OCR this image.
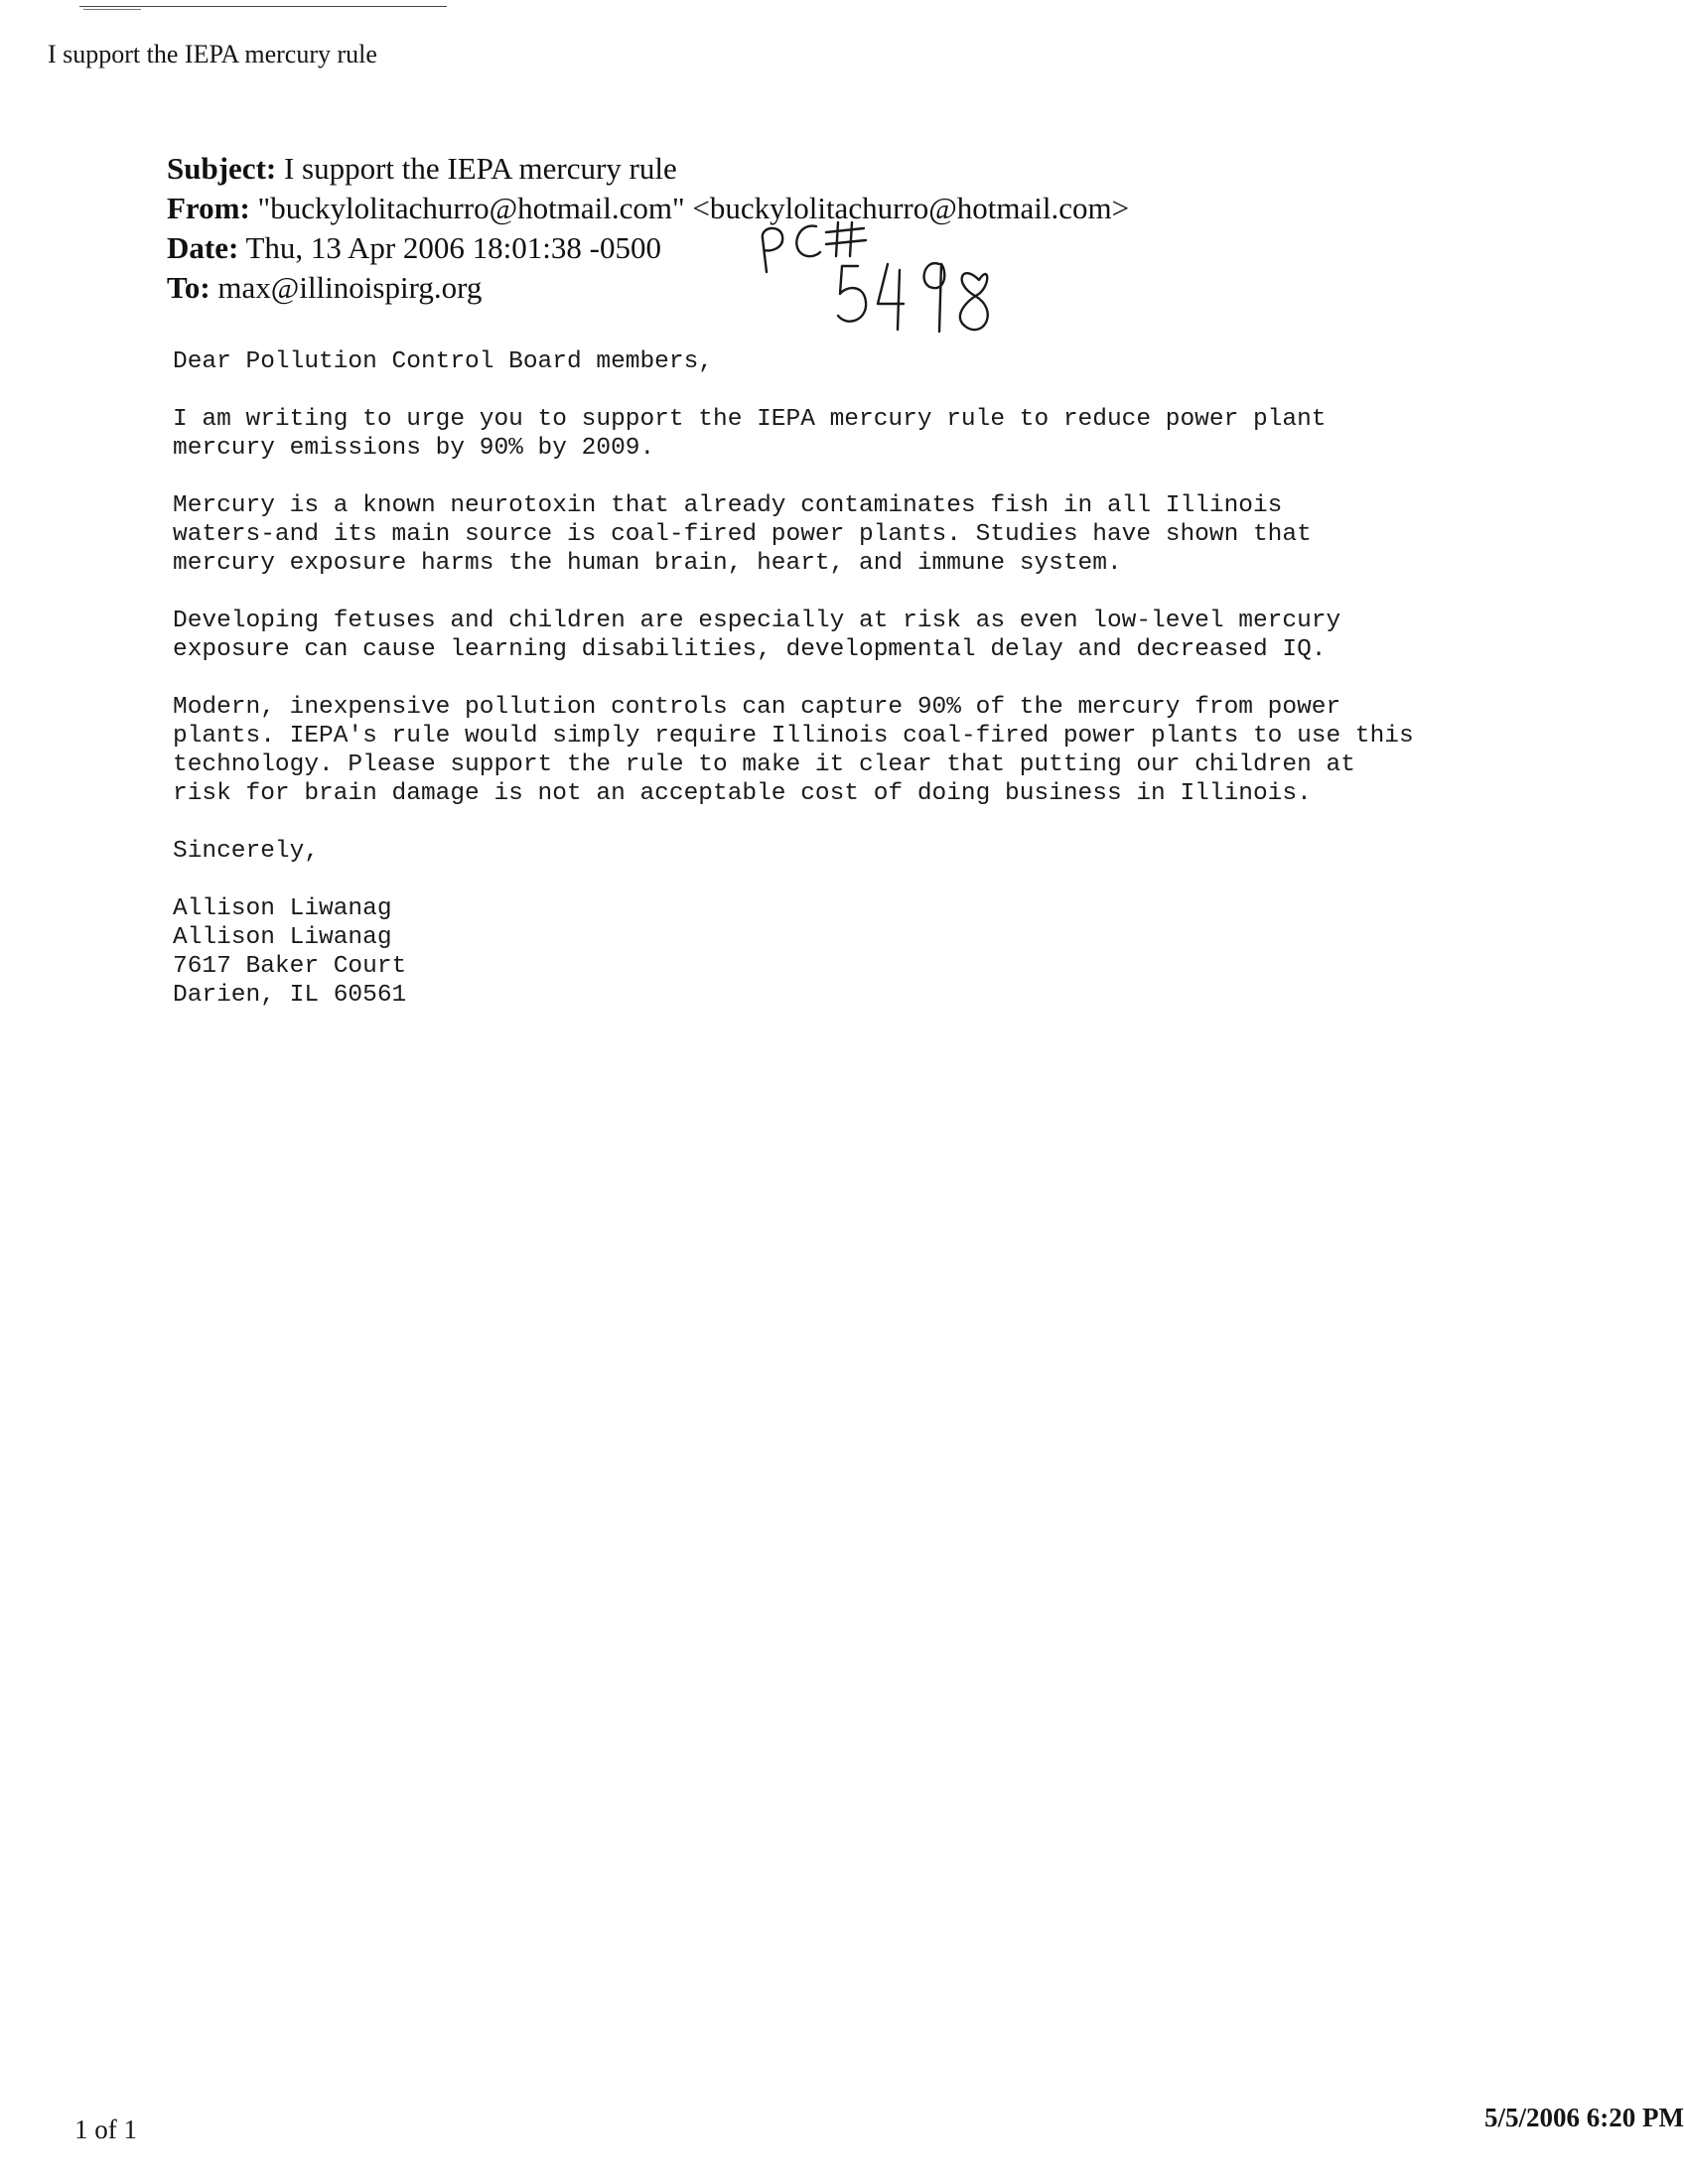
I support the IEPA mercury rule
Subject: I support the IEPA mercury rule
From: "buckylolitachurro@hotmail.com" <buckylolitachurro@hotmail.com>
Date: Thu, 13 Apr 2006 18:01:38 -0500
To: max@illinoispirg.org

Dear Pollution Control Board members,

I am writing to urge you to support the IEPA mercury rule to reduce power plant
mercury emissions by 90% by 2009.

Mercury is a known neurotoxin that already contaminates fish in all Illinois
waters-and its main source is coal-fired power plants. Studies have shown that
mercury exposure harms the human brain, heart, and immune system.

Developing fetuses and children are especially at risk as even low-level mercury
exposure can cause learning disabilities, developmental delay and decreased IQ.

Modern, inexpensive pollution controls can capture 90% of the mercury from power
plants. IEPA's rule would simply require Illinois coal-fired power plants to use this
technology. Please support the rule to make it clear that putting our children at
risk for brain damage is not an acceptable cost of doing business in Illinois.

Sincerely,

Allison Liwanag

Allison Liwanag

7617 Baker Court

Darien, IL 60561

1 of 1	5/5/2006 6:20 PM
